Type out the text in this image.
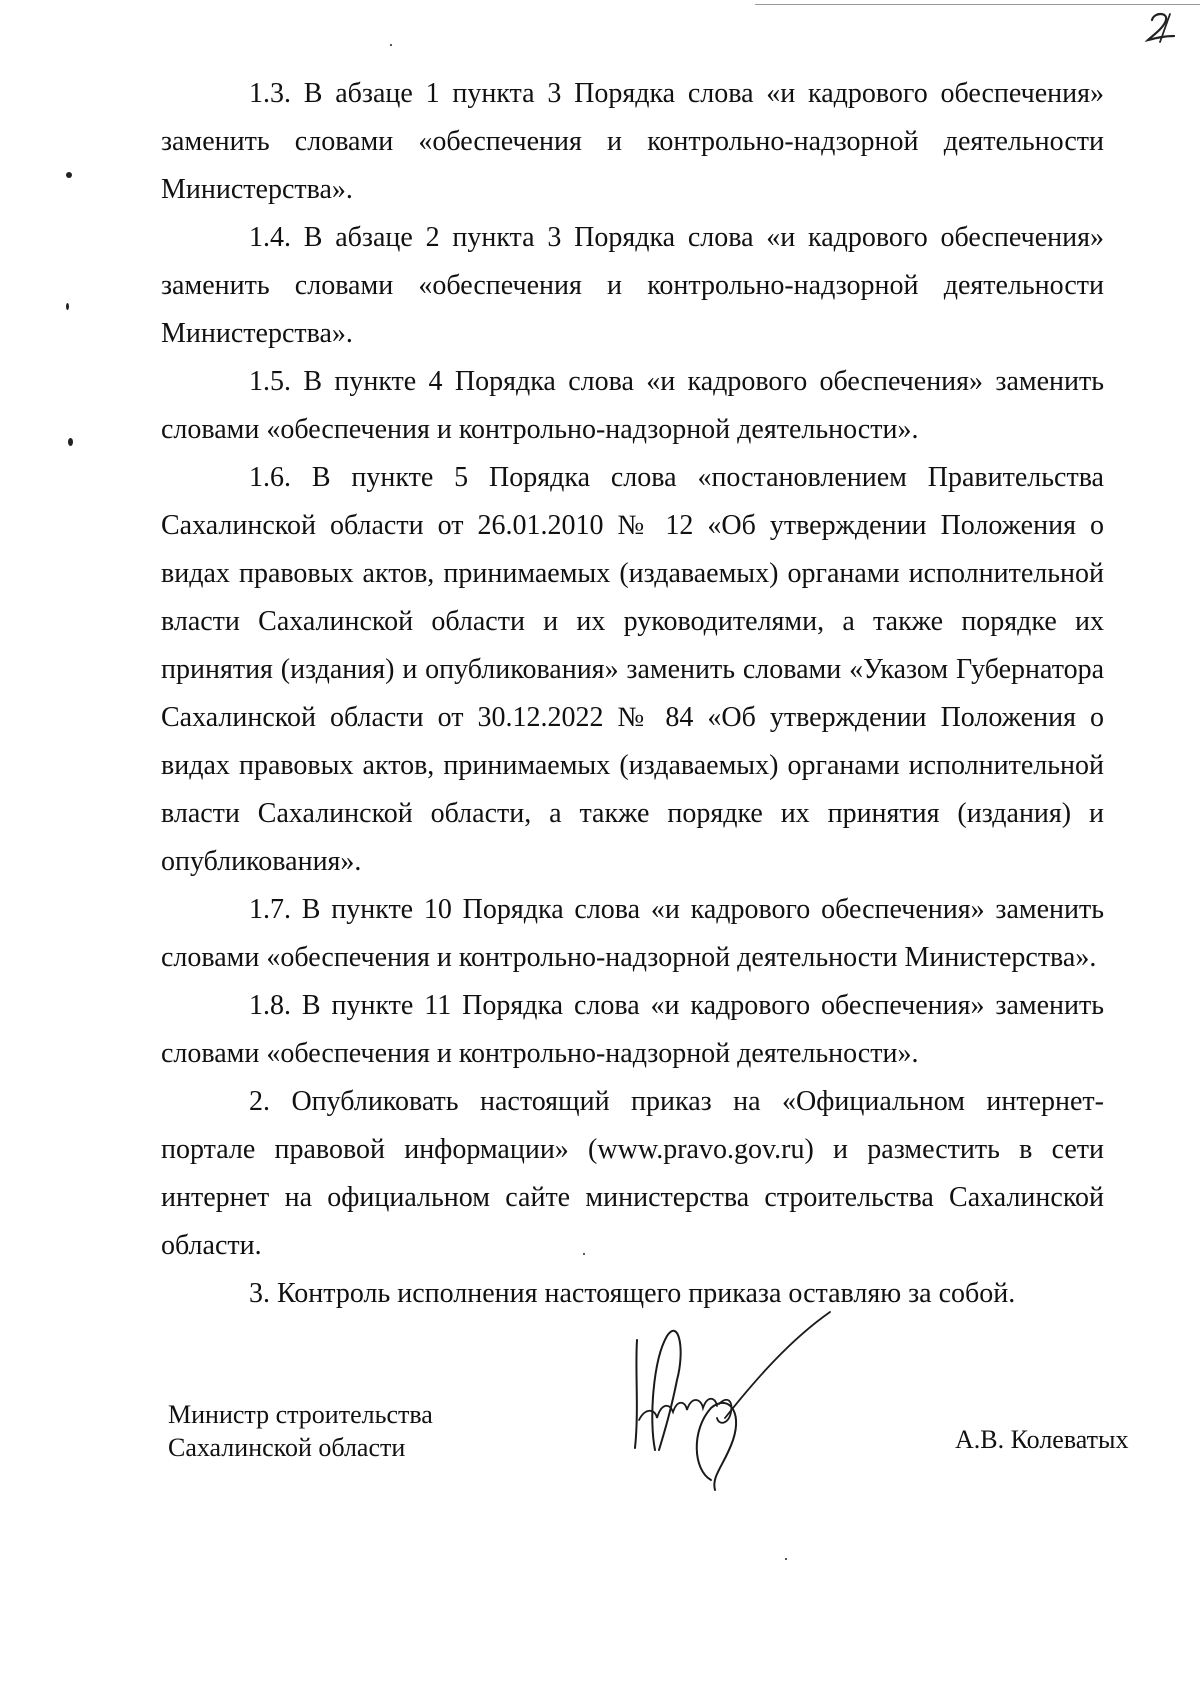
1.3. В абзаце 1 пункта 3 Порядка слова «и кадрового обеспечения» заменить словами «обеспечения и контрольно-надзорной деятельности Министерства».

1.4. В абзаце 2 пункта 3 Порядка слова «и кадрового обеспечения» заменить словами «обеспечения и контрольно-надзорной деятельности Министерства».

1.5. В пункте 4 Порядка слова «и кадрового обеспечения» заменить словами «обеспечения и контрольно-надзорной деятельности».

1.6. В пункте 5 Порядка слова «постановлением Правительства Сахалинской области от 26.01.2010 № 12 «Об утверждении Положения о видах правовых актов, принимаемых (издаваемых) органами исполнительной власти Сахалинской области и их руководителями, а также порядке их принятия (издания) и опубликования» заменить словами «Указом Губернатора Сахалинской области от 30.12.2022 № 84 «Об утверждении Положения о видах правовых актов, принимаемых (издаваемых) органами исполнительной власти Сахалинской области, а также порядке их принятия (издания) и опубликования».

1.7. В пункте 10 Порядка слова «и кадрового обеспечения» заменить словами «обеспечения и контрольно-надзорной деятельности Министерства».

1.8. В пункте 11 Порядка слова «и кадрового обеспечения» заменить словами «обеспечения и контрольно-надзорной деятельности».

2. Опубликовать настоящий приказ на «Официальном интернет-портале правовой информации» (www.pravo.gov.ru) и разместить в сети интернет на официальном сайте министерства строительства Сахалинской области.

3. Контроль исполнения настоящего приказа оставляю за собой.

Министр строительства
Сахалинской области	А.В. Колеватых
